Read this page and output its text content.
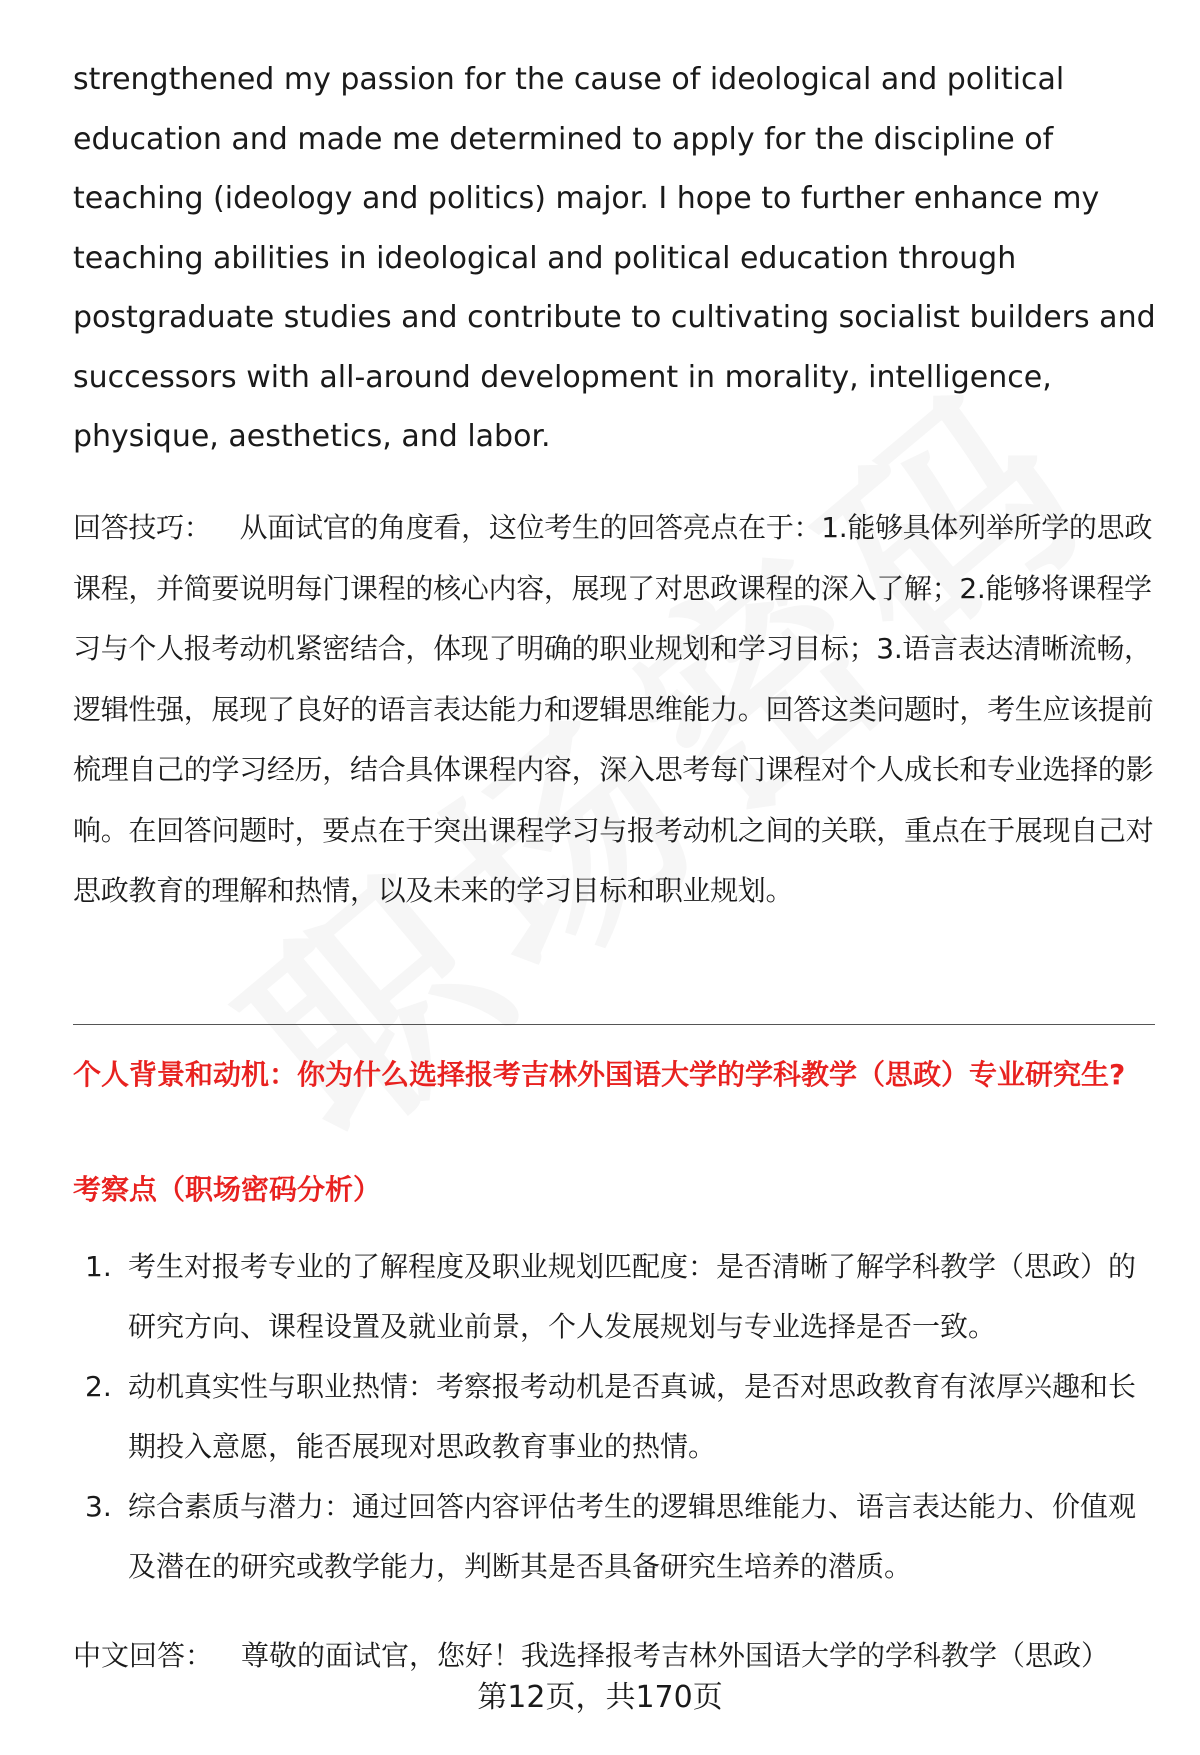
strengthened my passion for the cause of ideological and political education and made me determined to apply for the discipline of teaching (ideology and politics) major. I hope to further enhance my teaching abilities in ideological and political education through postgraduate studies and contribute to cultivating socialist builders and successors with all-around development in morality, intelligence, physique, aesthetics, and labor.

回答技巧： 从面试官的角度看，这位考生的回答亮点在于：1.能够具体列举所学的思政课程，并简要说明每门课程的核心内容，展现了对思政课程的深入了解；2.能够将课程学习与个人报考动机紧密结合，体现了明确的职业规划和学习目标；3.语言表达清晰流畅，逻辑性强，展现了良好的语言表达能力和逻辑思维能力。回答这类问题时，考生应该提前梳理自己的学习经历，结合具体课程内容，深入思考每门课程对个人成长和专业选择的影响。在回答问题时，要点在于突出课程学习与报考动机之间的关联，重点在于展现自己对思政教育的理解和热情，以及未来的学习目标和职业规划。

个人背景和动机：你为什么选择报考吉林外国语大学的学科教学（思政）专业研究生?

考察点（职场密码分析）

1. 考生对报考专业的了解程度及职业规划匹配度：是否清晰了解学科教学（思政）的研究方向、课程设置及就业前景，个人发展规划与专业选择是否一致。
2. 动机真实性与职业热情：考察报考动机是否真诚，是否对思政教育有浓厚兴趣和长期投入意愿，能否展现对思政教育事业的热情。
3. 综合素质与潜力：通过回答内容评估考生的逻辑思维能力、语言表达能力、价值观及潜在的研究或教学能力，判断其是否具备研究生培养的潜质。

中文回答： 尊敬的面试官，您好！我选择报考吉林外国语大学的学科教学（思政）

第12页，共170页
